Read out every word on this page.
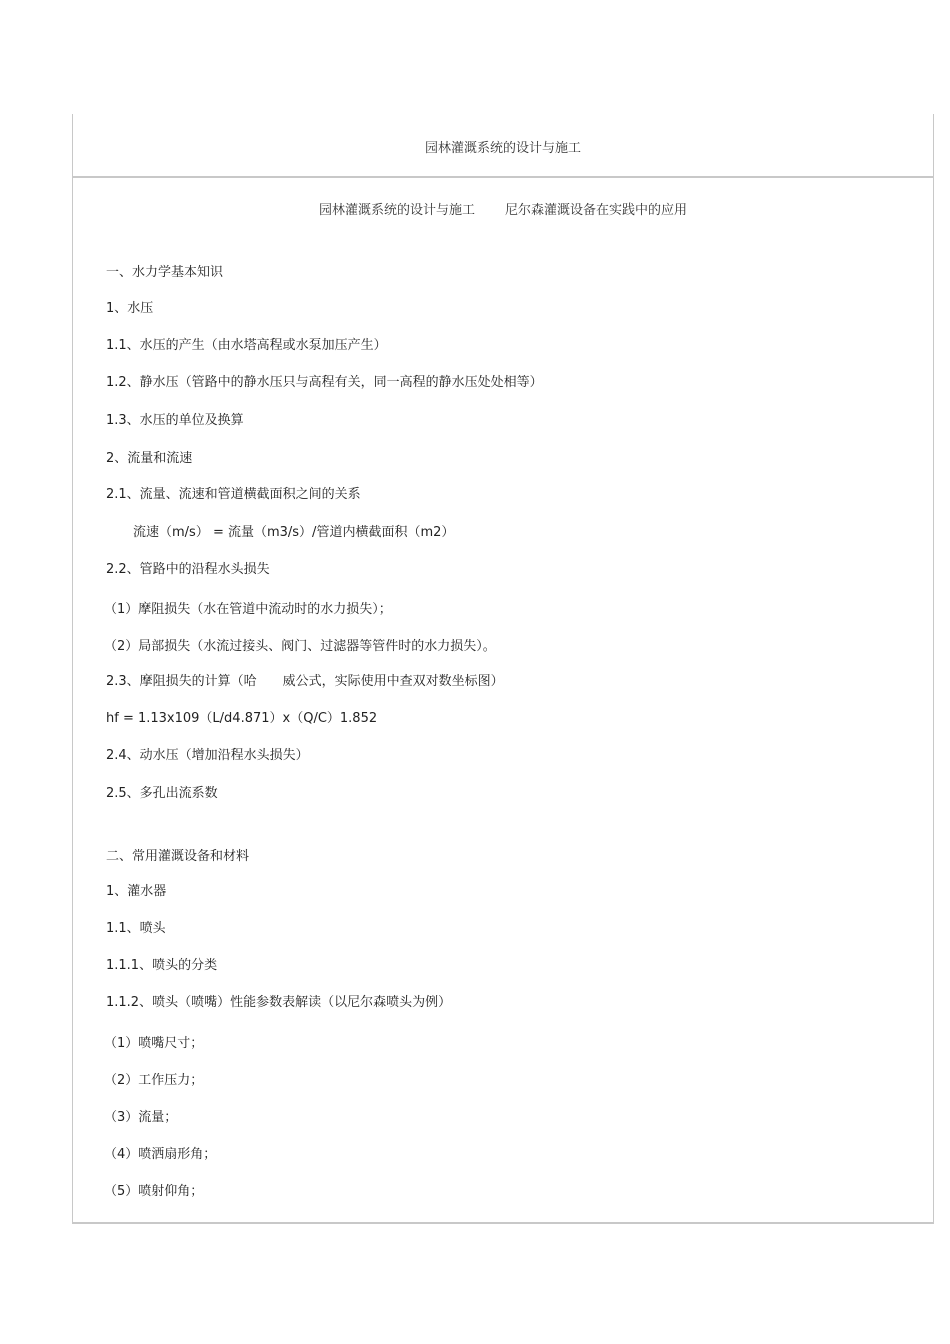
园林灌溉系统的设计与施工
园林灌溉系统的设计与施工 尼尔森灌溉设备在实践中的应用
一、水力学基本知识
1、水压
1.1、水压的产生（由水塔高程或水泵加压产生）
1.2、静水压（管路中的静水压只与高程有关，同一高程的静水压处处相等）
1.3、水压的单位及换算
2、流量和流速
2.1、流量、流速和管道横截面积之间的关系
流速（m/s） = 流量（m3/s）/管道内横截面积（m2）
2.2、管路中的沿程水头损失
（1）摩阻损失（水在管道中流动时的水力损失）；
（2）局部损失（水流过接头、阀门、过滤器等管件时的水力损失）。
2.3、摩阻损失的计算（哈　　威公式，实际使用中查双对数坐标图）
hf = 1.13x109（L/d4.871）x（Q/C）1.852
2.4、动水压（增加沿程水头损失）
2.5、多孔出流系数
二、常用灌溉设备和材料
1、灌水器
1.1、喷头
1.1.1、喷头的分类
1.1.2、喷头（喷嘴）性能参数表解读（以尼尔森喷头为例）
（1）喷嘴尺寸；
（2）工作压力；
（3）流量；
（4）喷洒扇形角；
（5）喷射仰角；
